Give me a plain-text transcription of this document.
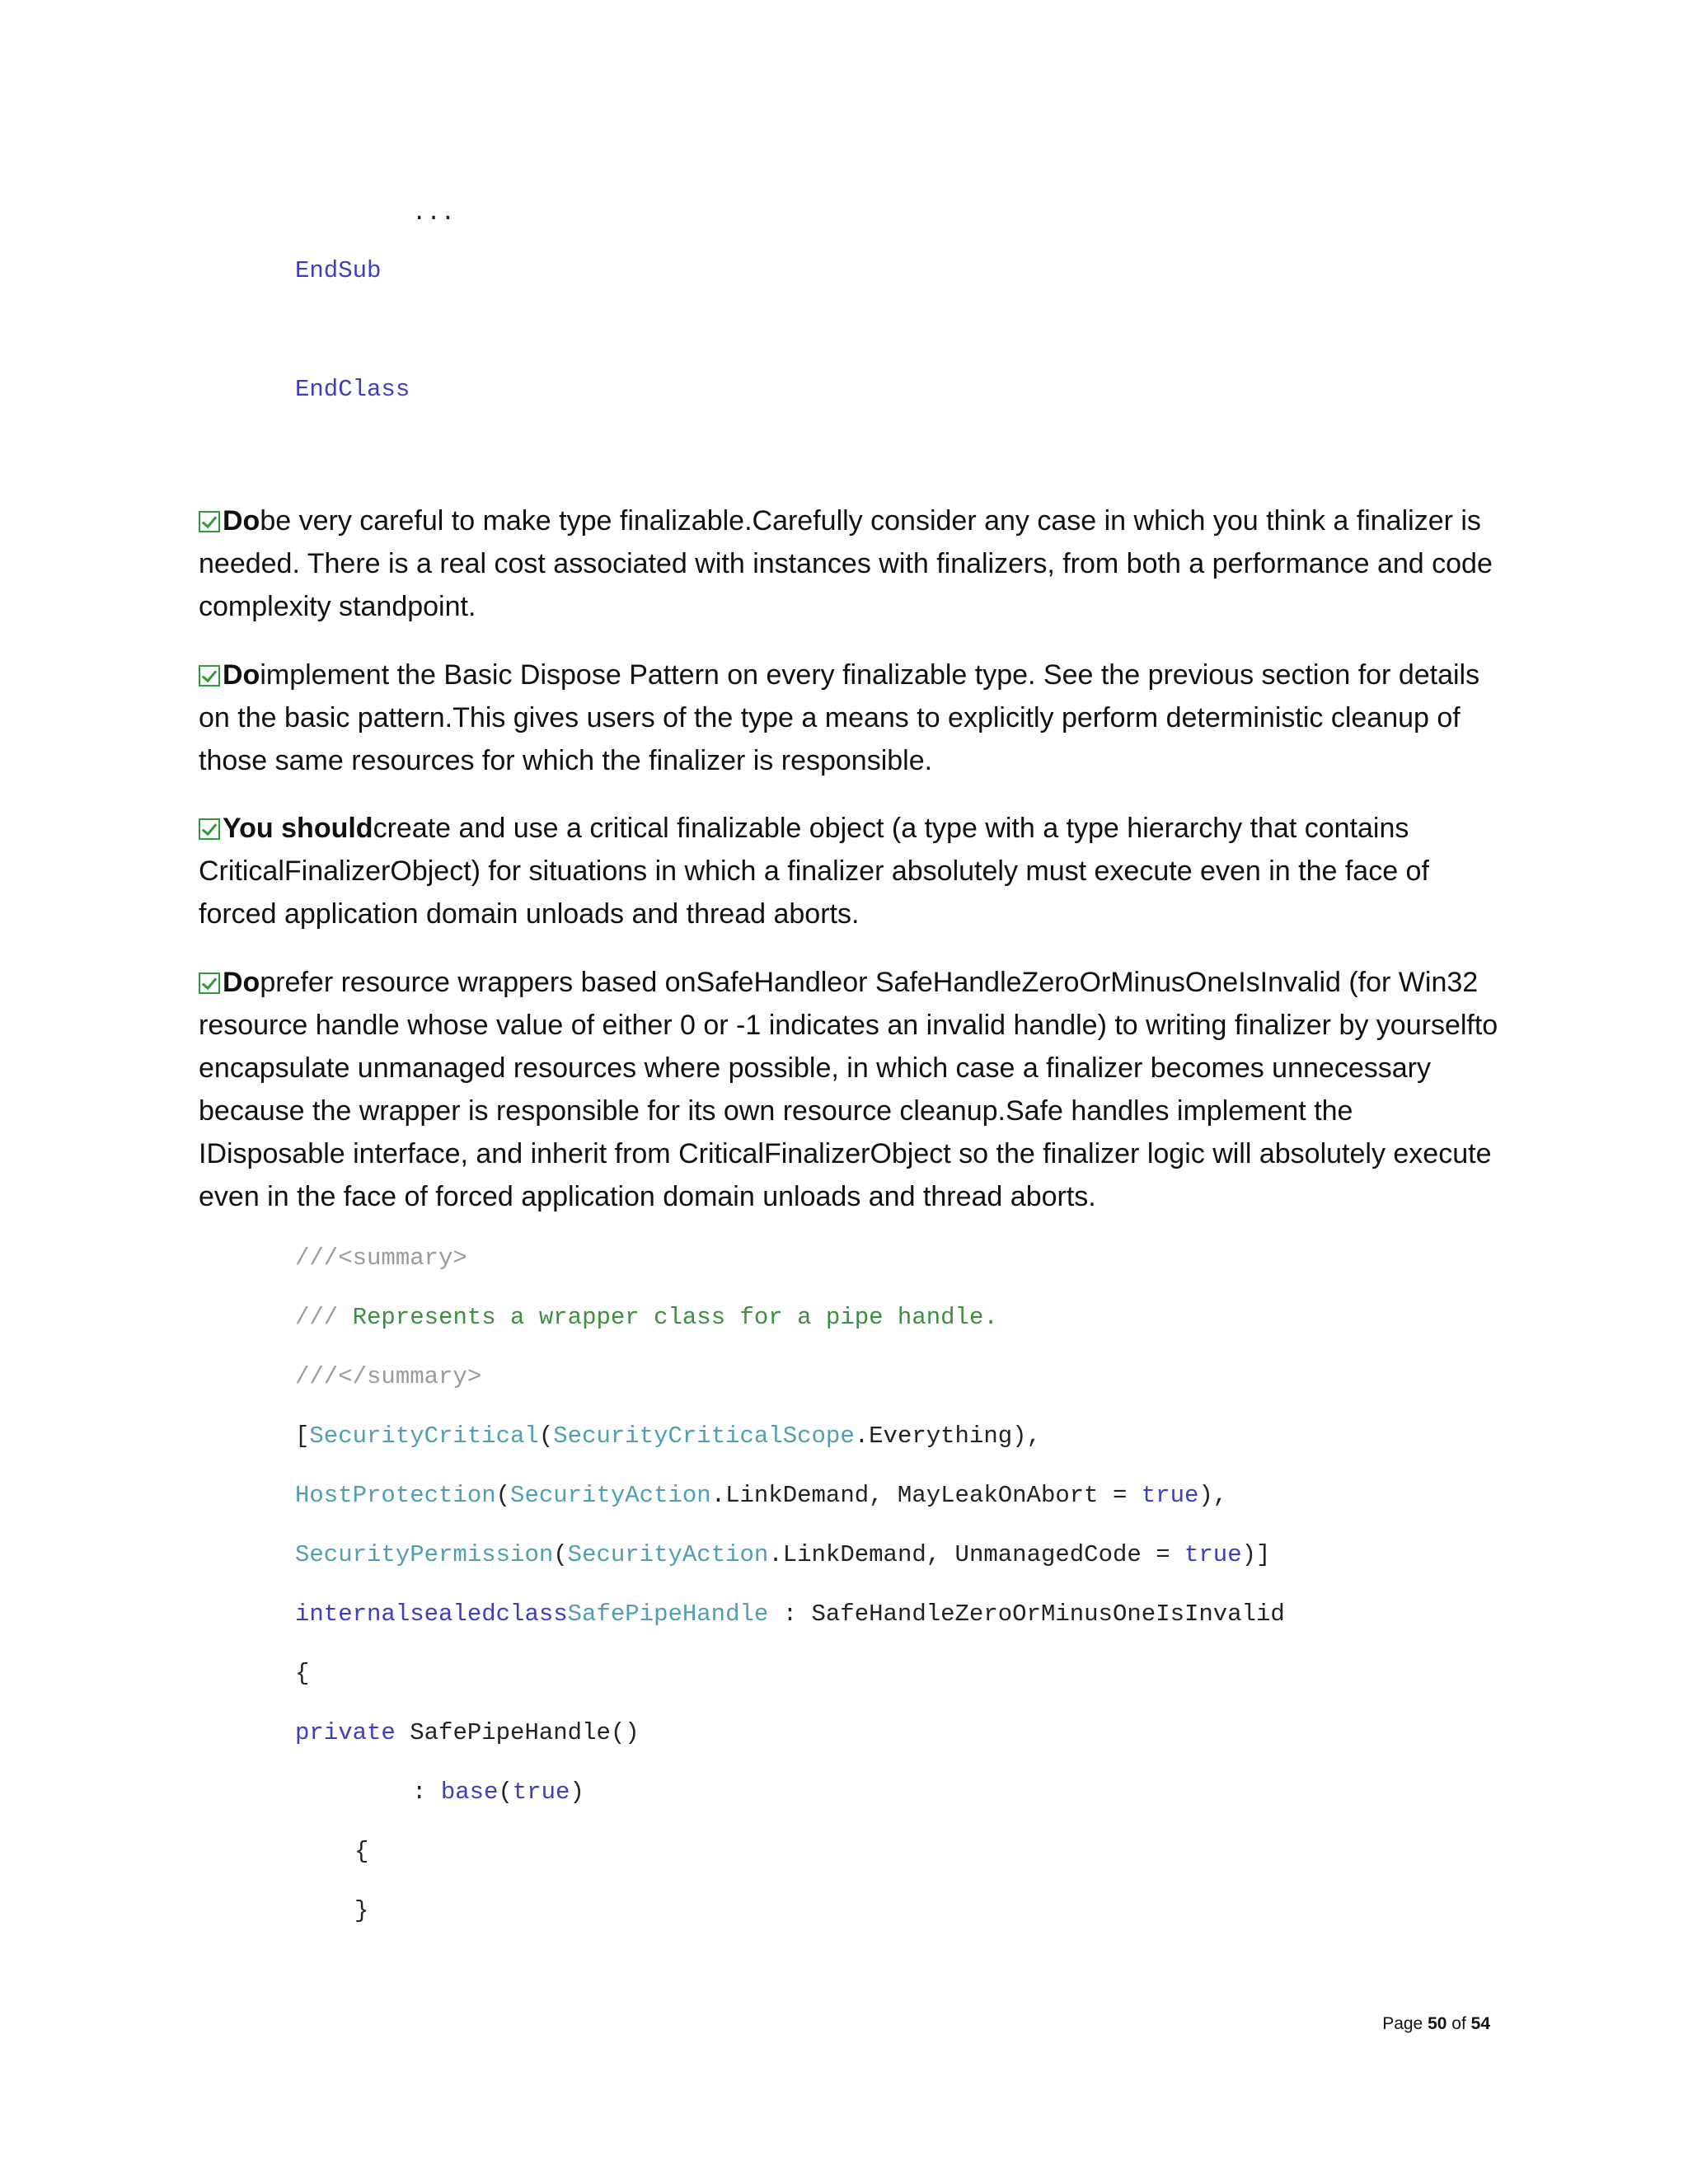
...
EndSub
EndClass
Dobe very careful to make type finalizable.Carefully consider any case in which you think a finalizer is needed. There is a real cost associated with instances with finalizers, from both a performance and code complexity standpoint.
Doimplement the Basic Dispose Pattern on every finalizable type. See the previous section for details on the basic pattern.This gives users of the type a means to explicitly perform deterministic cleanup of those same resources for which the finalizer is responsible.
You shouldcreate and use a critical finalizable object (a type with a type hierarchy that contains CriticalFinalizerObject) for situations in which a finalizer absolutely must execute even in the face of forced application domain unloads and thread aborts.
Doprefer resource wrappers based onSafeHandleor SafeHandleZeroOrMinusOneIsInvalid (for Win32 resource handle whose value of either 0 or -1 indicates an invalid handle) to writing finalizer by yourselfto encapsulate unmanaged resources where possible, in which case a finalizer becomes unnecessary because the wrapper is responsible for its own resource cleanup.Safe handles implement the IDisposable interface, and inherit from CriticalFinalizerObject so the finalizer logic will absolutely execute even in the face of forced application domain unloads and thread aborts.
///<summary>
/// Represents a wrapper class for a pipe handle.
///</summary>
[SecurityCritical(SecurityCriticalScope.Everything),
HostProtection(SecurityAction.LinkDemand, MayLeakOnAbort = true),
SecurityPermission(SecurityAction.LinkDemand, UnmanagedCode = true)]
internalsealedclassSafePipeHandle : SafeHandleZeroOrMinusOneIsInvalid
{
private SafePipeHandle()
: base(true)
{
}
Page 50 of 54
